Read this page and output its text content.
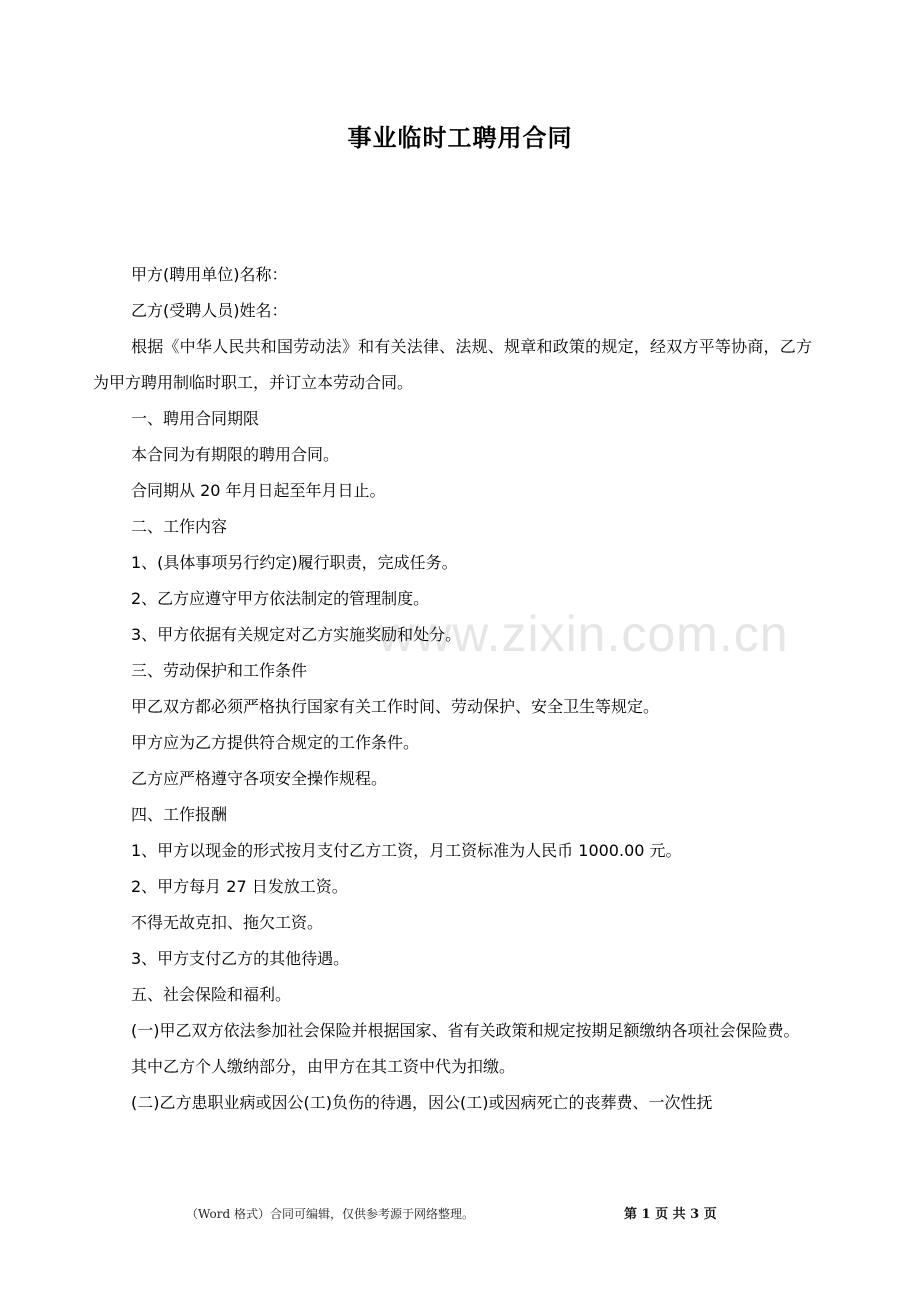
www.zixin.com.cn
事业临时工聘用合同

甲方(聘用单位)名称：

乙方(受聘人员)姓名：

根据《中华人民共和国劳动法》和有关法律、法规、规章和政策的规定，经双方平等协商，乙方为甲方聘用制临时职工，并订立本劳动合同。

一、聘用合同期限

本合同为有期限的聘用合同。

合同期从 20 年月日起至年月日止。

二、工作内容

1、(具体事项另行约定)履行职责，完成任务。

2、乙方应遵守甲方依法制定的管理制度。

3、甲方依据有关规定对乙方实施奖励和处分。

三、劳动保护和工作条件

甲乙双方都必须严格执行国家有关工作时间、劳动保护、安全卫生等规定。

甲方应为乙方提供符合规定的工作条件。

乙方应严格遵守各项安全操作规程。

四、工作报酬

1、甲方以现金的形式按月支付乙方工资，月工资标准为人民币 1000.00 元。

2、甲方每月 27 日发放工资。

不得无故克扣、拖欠工资。

3、甲方支付乙方的其他待遇。

五、社会保险和福利。

(一)甲乙双方依法参加社会保险并根据国家、省有关政策和规定按期足额缴纳各项社会保险费。

其中乙方个人缴纳部分，由甲方在其工资中代为扣缴。

(二)乙方患职业病或因公(工)负伤的待遇，因公(工)或因病死亡的丧葬费、一次性抚

（Word 格式）合同可编辑，仅供参考源于网络整理。	第 1 页 共 3 页
